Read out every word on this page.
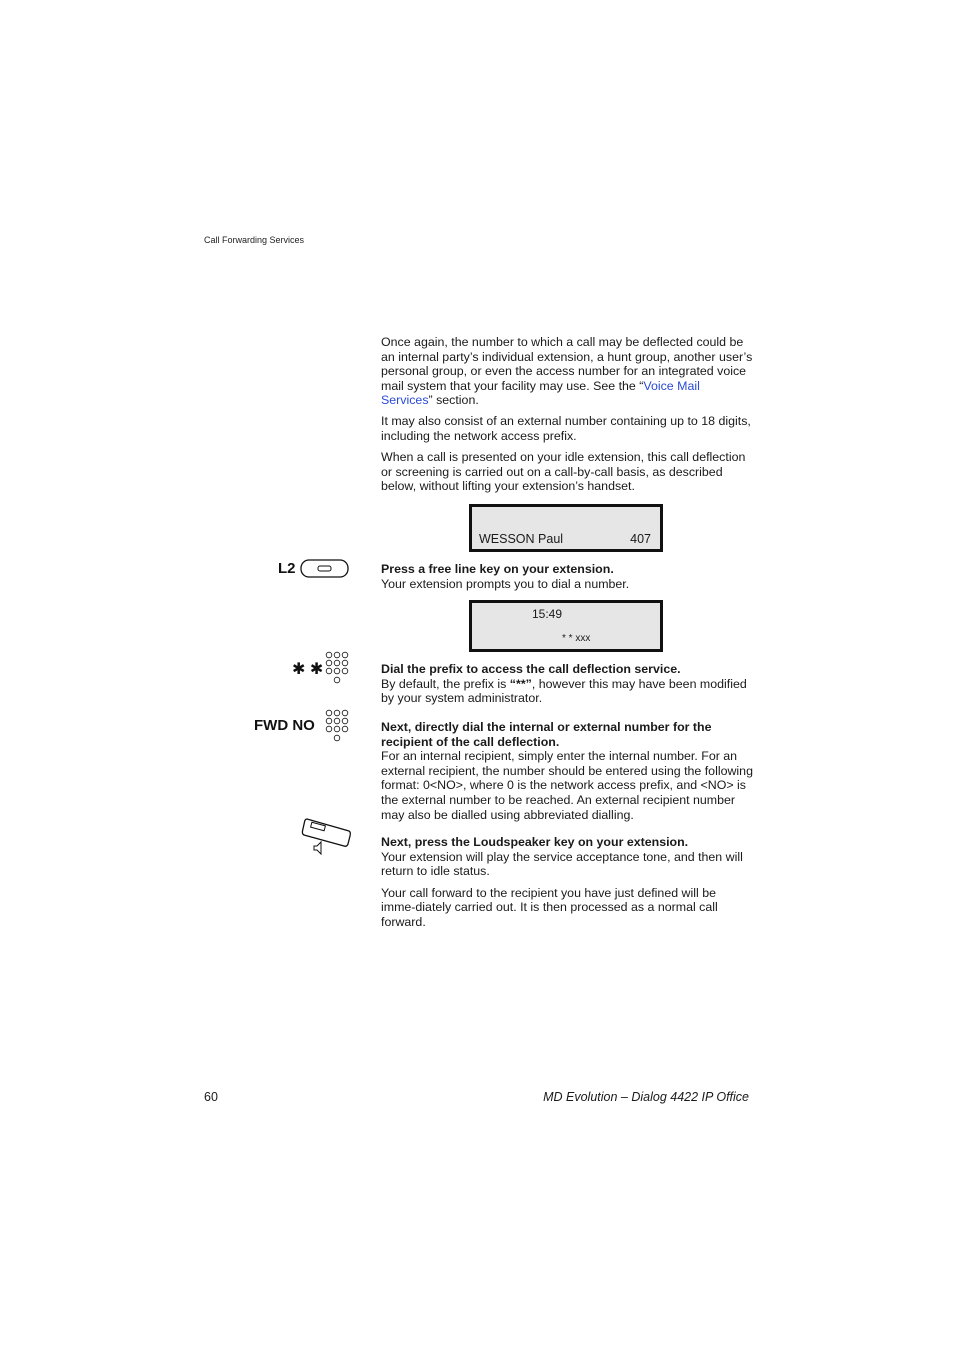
Call Forwarding Services
Once again, the number to which a call may be deflected could be an internal party’s individual extension, a hunt group, another user’s personal group, or even the access number for an integrated voice mail system that your facility may use. See the “Voice Mail Services” section.
It may also consist of an external number containing up to 18 digits, including the network access prefix.
When a call is presented on your idle extension, this call deflection or screening is carried out on a call-by-call basis, as described below, without lifting your extension’s handset.
WESSON Paul	407
L2	Press a free line key on your extension.
Your extension prompts you to dial a number.
15:49
* * xxx
✱ ✱	Dial the prefix to access the call deflection service.
By default, the prefix is “**”, however this may have been modified by your system administrator.
FWD NO	Next, directly dial the internal or external number for the recipient of the call deflection.
For an internal recipient, simply enter the internal number. For an external recipient, the number should be entered using the following format: 0<NO>, where 0 is the network access prefix, and <NO> is the external number to be reached. An external recipient number may also be dialled using abbreviated dialling.
Next, press the Loudspeaker key on your extension.
Your extension will play the service acceptance tone, and then will return to idle status.
Your call forward to the recipient you have just defined will be imme-diately carried out. It is then processed as a normal call forward.
60	MD Evolution – Dialog 4422 IP Office
